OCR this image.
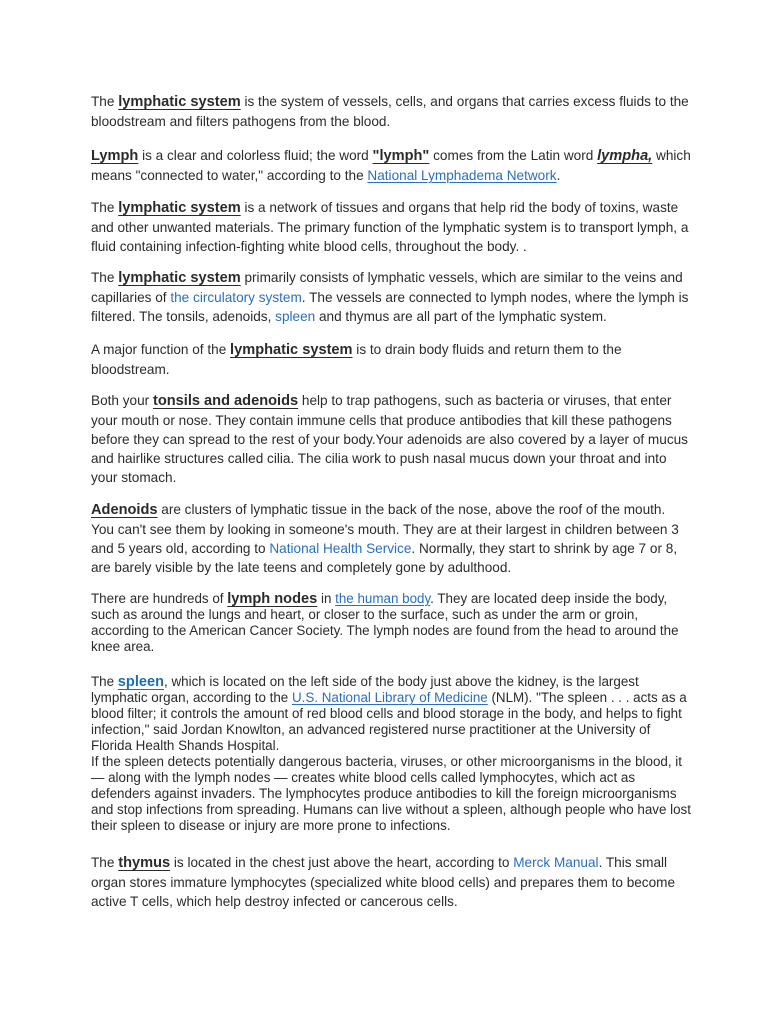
The lymphatic system is the system of vessels, cells, and organs that carries excess fluids to the bloodstream and filters pathogens from the blood.

Lymph is a clear and colorless fluid; the word "lymph" comes from the Latin word lympha, which means "connected to water," according to the National Lymphadema Network.

The lymphatic system is a network of tissues and organs that help rid the body of toxins, waste and other unwanted materials. The primary function of the lymphatic system is to transport lymph, a fluid containing infection-fighting white blood cells, throughout the body. .

The lymphatic system primarily consists of lymphatic vessels, which are similar to the veins and capillaries of the circulatory system. The vessels are connected to lymph nodes, where the lymph is filtered. The tonsils, adenoids, spleen and thymus are all part of the lymphatic system.

A major function of the lymphatic system is to drain body fluids and return them to the bloodstream.

Both your tonsils and adenoids help to trap pathogens, such as bacteria or viruses, that enter your mouth or nose. They contain immune cells that produce antibodies that kill these pathogens before they can spread to the rest of your body.Your adenoids are also covered by a layer of mucus and hairlike structures called cilia. The cilia work to push nasal mucus down your throat and into your stomach.

Adenoids are clusters of lymphatic tissue in the back of the nose, above the roof of the mouth. You can't see them by looking in someone's mouth. They are at their largest in children between 3 and 5 years old, according to National Health Service. Normally, they start to shrink by age 7 or 8, are barely visible by the late teens and completely gone by adulthood.

There are hundreds of lymph nodes in the human body. They are located deep inside the body, such as around the lungs and heart, or closer to the surface, such as under the arm or groin, according to the American Cancer Society. The lymph nodes are found from the head to around the knee area.

The spleen, which is located on the left side of the body just above the kidney, is the largest lymphatic organ, according to the U.S. National Library of Medicine (NLM). "The spleen . . . acts as a blood filter; it controls the amount of red blood cells and blood storage in the body, and helps to fight infection," said Jordan Knowlton, an advanced registered nurse practitioner at the University of Florida Health Shands Hospital.
If the spleen detects potentially dangerous bacteria, viruses, or other microorganisms in the blood, it — along with the lymph nodes — creates white blood cells called lymphocytes, which act as defenders against invaders. The lymphocytes produce antibodies to kill the foreign microorganisms and stop infections from spreading. Humans can live without a spleen, although people who have lost their spleen to disease or injury are more prone to infections.

The thymus is located in the chest just above the heart, according to Merck Manual. This small organ stores immature lymphocytes (specialized white blood cells) and prepares them to become active T cells, which help destroy infected or cancerous cells.
